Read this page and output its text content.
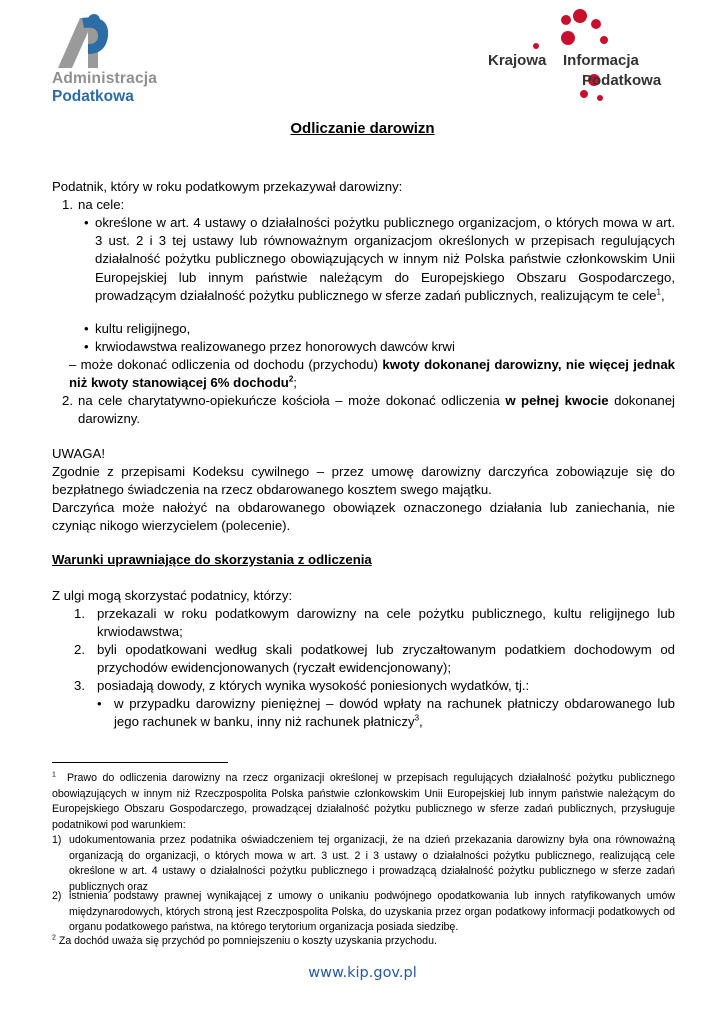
Administracja
Podatkowa
Krajowa Informacja
Podatkowa
Odliczanie darowizn
Podatnik, który w roku podatkowym przekazywał darowizny:
1. na cele:
• określone w art. 4 ustawy o działalności pożytku publicznego organizacjom, o których mowa w art. 3 ust. 2 i 3 tej ustawy lub równoważnym organizacjom określonych w przepisach regulujących działalność pożytku publicznego obowiązujących w innym niż Polska państwie członkowskim Unii Europejskiej lub innym państwie należącym do Europejskiego Obszaru Gospodarczego, prowadzącym działalność pożytku publicznego w sferze zadań publicznych, realizującym te cele$^1$,
• kultu religijnego,
• krwiodawstwa realizowanego przez honorowych dawców krwi
– może dokonać odliczenia od dochodu (przychodu) kwoty dokonanej darowizny, nie więcej jednak niż kwoty stanowiącej 6% dochodu$^2$;
2. na cele charytatywno-opiekuńcze kościoła – może dokonać odliczenia w pełnej kwocie dokonanej darowizny.
UWAGA!
Zgodnie z przepisami Kodeksu cywilnego – przez umowę darowizny darczyńca zobowiązuje się do bezpłatnego świadczenia na rzecz obdarowanego kosztem swego majątku.
Darczyńca może nałożyć na obdarowanego obowiązek oznaczonego działania lub zaniechania, nie czyniąc nikogo wierzycielem (polecenie).
Warunki uprawniające do skorzystania z odliczenia
Z ulgi mogą skorzystać podatnicy, którzy:
1. przekazali w roku podatkowym darowizny na cele pożytku publicznego, kultu religijnego lub krwiodawstwa;
2. byli opodatkowani według skali podatkowej lub zryczałtowanym podatkiem dochodowym od przychodów ewidencjonowanych (ryczałt ewidencjonowany);
3. posiadają dowody, z których wynika wysokość poniesionych wydatków, tj.:
• w przypadku darowizny pieniężnej – dowód wpłaty na rachunek płatniczy obdarowanego lub jego rachunek w banku, inny niż rachunek płatniczy$^3$,
$^1$ Prawo do odliczenia darowizny na rzecz organizacji określonej w przepisach regulujących działalność pożytku publicznego obowiązujących w innym niż Rzeczpospolita Polska państwie członkowskim Unii Europejskiej lub innym państwie należącym do Europejskiego Obszaru Gospodarczego, prowadzącej działalność pożytku publicznego w sferze zadań publicznych, przysługuje podatnikowi pod warunkiem:
1) udokumentowania przez podatnika oświadczeniem tej organizacji, że na dzień przekazania darowizny była ona równoważną organizacją do organizacji, o których mowa w art. 3 ust. 2 i 3 ustawy o działalności pożytku publicznego, realizującą cele określone w art. 4 ustawy o działalności pożytku publicznego i prowadzącą działalność pożytku publicznego w sferze zadań publicznych oraz
2) istnienia podstawy prawnej wynikającej z umowy o unikaniu podwójnego opodatkowania lub innych ratyfikowanych umów międzynarodowych, których stroną jest Rzeczpospolita Polska, do uzyskania przez organ podatkowy informacji podatkowych od organu podatkowego państwa, na którego terytorium organizacja posiada siedzibę.
$^2$ Za dochód uważa się przychód po pomniejszeniu o koszty uzyskania przychodu.
www.kip.gov.pl
